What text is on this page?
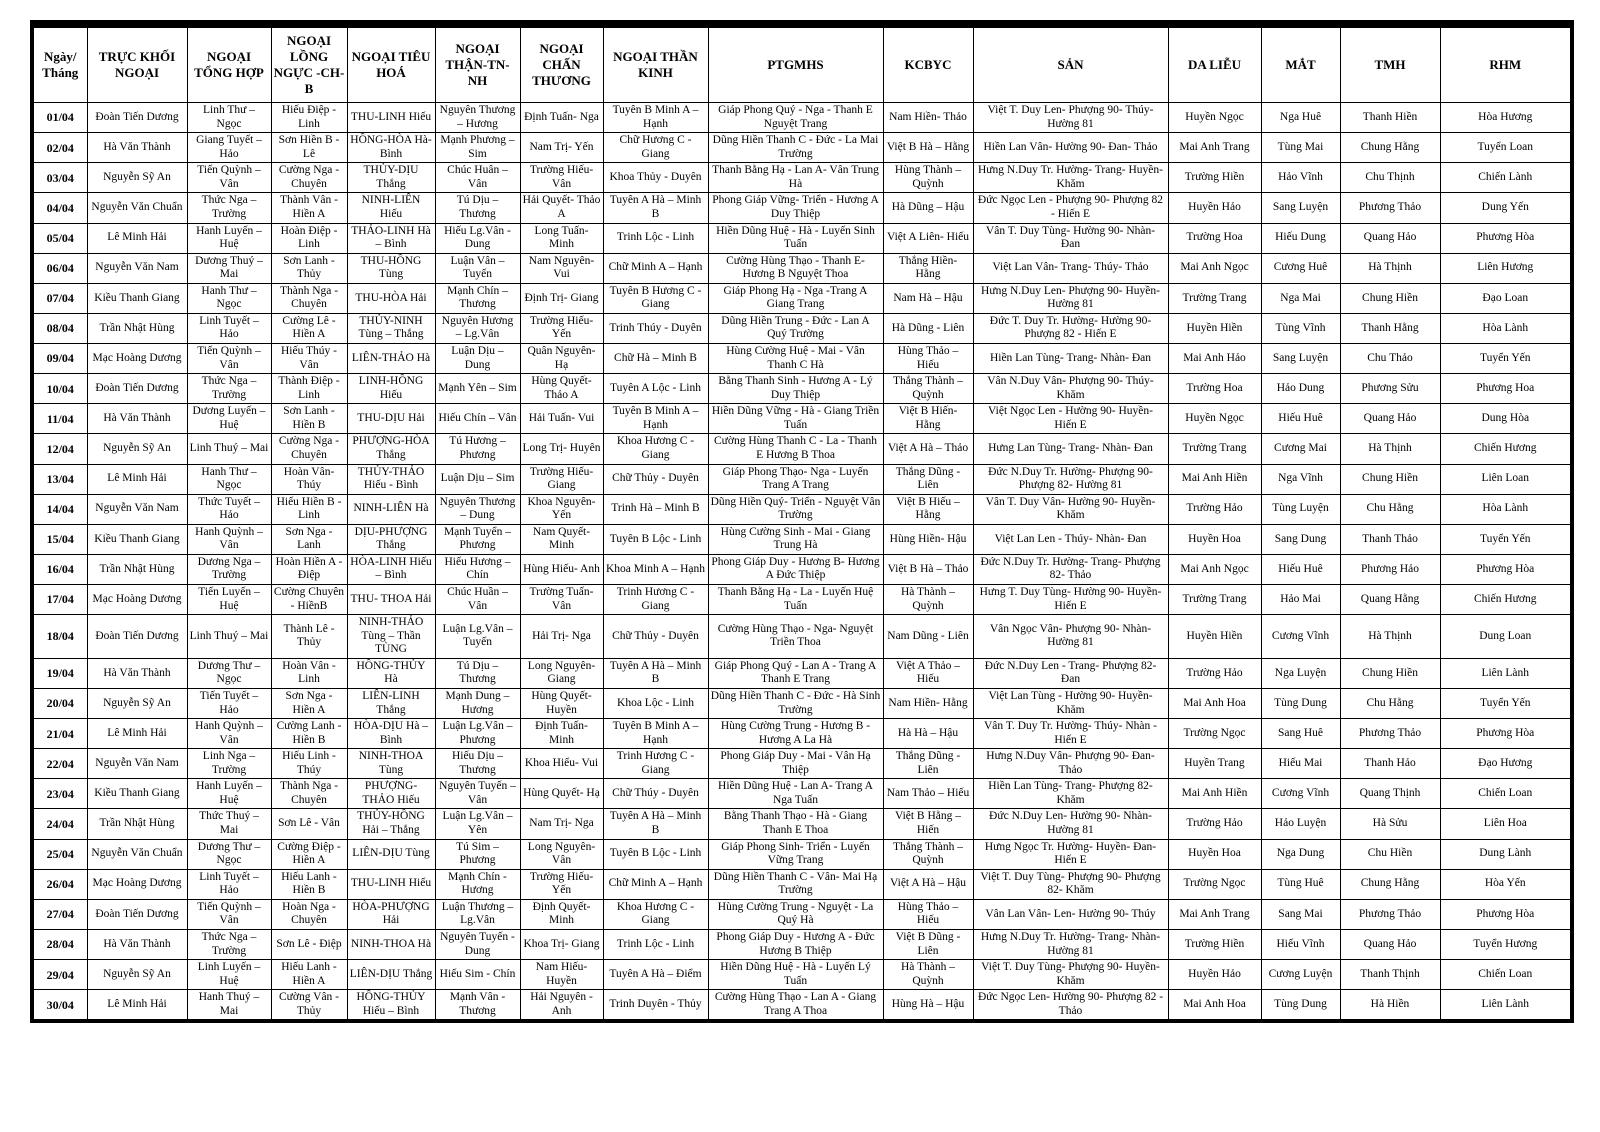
Ngày/ Tháng	TRỰC KHỐI NGOẠI	NGOẠI TỔNG HỢP	NGOẠI LỒNG NGỰC -CH-B	NGOẠI TIÊU HOÁ	NGOẠI THẬN-TN-NH	NGOẠI CHẤN THƯƠNG	NGOẠI THẦN KINH	PTGMHS	KCBYC	SẢN	DA LIỄU	MẮT	TMH	RHM
01/04	Đoàn Tiến Dương	Linh Thư – Ngọc	Hiếu Điệp - Linh	THU-LINH Hiếu	Nguyên Thương – Hương	Định Tuấn- Nga	Tuyên B Minh A – Hạnh	Giáp Phong Quý - Nga - Thanh E Nguyệt Trang	Nam Hiền- Thảo	Việt T. Duy Len- Phượng 90- Thúy- Hường 81	Huyền Ngọc	Nga Huê	Thanh Hiền	Hòa Hương
02/04	Hà Văn Thành	Giang Tuyết – Hảo	Sơn Hiền B - Lê	HỒNG-HÒA Hà- Bình	Mạnh Phương – Sim	Nam Trị- Yến	Chữ Hương C - Giang	Dũng Hiền Thanh C - Đức - La Mai Trường	Việt B Hà – Hằng	Hiền Lan Vân- Hường 90- Đan- Thảo	Mai Anh Trang	Tùng Mai	Chung Hằng	Tuyển Loan
03/04	Nguyễn Sỹ An	Tiến Quỳnh – Vân	Cường Nga - Chuyên	THỦY-DỊU Thắng	Chúc Huân – Vân	Trường Hiếu- Vân	Khoa Thủy - Duyên	Thanh Bằng Hạ - Lan A- Vân Trung Hà	Hùng Thành – Quỳnh	Hưng N.Duy Tr. Hường- Trang- Huyền- Khăm	Trường Hiền	Hảo Vĩnh	Chu Thịnh	Chiến Lành
04/04	Nguyễn Văn Chuẩn	Thức Nga – Trường	Thành Vân - Hiền A	NINH-LIÊN Hiếu	Tú Dịu – Thương	Hải Quyết- Thảo A	Tuyên A Hà – Minh B	Phong Giáp Vững- Triển - Hương A Duy Thiệp	Hà Dũng – Hậu	Đức Ngọc Len - Phượng 90- Phượng 82 - Hiến E	Huyền Hảo	Sang Luyện	Phương Thảo	Dung Yến
05/04	Lê Minh Hải	Hanh Luyến – Huệ	Hoàn Điệp - Linh	THẢO-LINH Hà – Bình	Hiếu Lg.Vân - Dung	Long Tuấn- Minh	Trinh Lộc - Linh	Hiền Dũng Huệ - Hà - Luyến Sinh Tuấn	Việt A Liên- Hiếu	Vân T. Duy Tùng- Hường 90- Nhàn- Đan	Trường Hoa	Hiếu Dung	Quang Hảo	Phương Hòa
06/04	Nguyễn Văn Nam	Dương Thuý – Mai	Sơn Lanh - Thủy	THU-HỒNG Tùng	Luận Vân – Tuyến	Nam Nguyên- Vui	Chữ Minh A – Hạnh	Cường Hùng Thạo - Thanh E- Hương B Nguyệt Thoa	Thắng Hiền- Hằng	Việt Lan Vân- Trang- Thúy- Thảo	Mai Anh Ngọc	Cương Huê	Hà Thịnh	Liên Hương
07/04	Kiều Thanh Giang	Hanh Thư – Ngọc	Thành Nga - Chuyên	THU-HÒA Hải	Mạnh Chín – Thương	Định Trị- Giang	Tuyên B Hương C - Giang	Giáp Phong Hạ - Nga -Trang A Giang Trang	Nam Hà – Hậu	Hưng N.Duy Len- Phượng 90- Huyền- Hường 81	Trường Trang	Nga Mai	Chung Hiền	Đạo Loan
08/04	Trần Nhật Hùng	Linh Tuyết – Hảo	Cường Lê - Hiền A	THỦY-NINH Tùng – Thắng	Nguyên Hương – Lg.Vân	Trường Hiếu- Yến	Trinh Thúy - Duyên	Dũng Hiền Trung - Đức - Lan A Quý Trường	Hà Dũng - Liên	Đức T. Duy Tr. Hường- Hường 90- Phượng 82 - Hiến E	Huyền Hiền	Tùng Vĩnh	Thanh Hằng	Hòa Lành
09/04	Mạc Hoàng Dương	Tiến Quỳnh – Vân	Hiếu Thúy - Vân	LIÊN-THẢO Hà	Luận Dịu – Dung	Quân Nguyên- Hạ	Chữ Hà – Minh B	Hùng Cường Huệ - Mai - Vân Thanh C Hà	Hùng Thảo – Hiếu	Hiền Lan Tùng- Trang- Nhàn- Đan	Mai Anh Hảo	Sang Luyện	Chu Thảo	Tuyển Yến
10/04	Đoàn Tiến Dương	Thức Nga – Trường	Thành Điệp - Linh	LINH-HỒNG Hiếu	Mạnh Yên – Sim	Hùng Quyết- Thảo A	Tuyên A Lộc - Linh	Bằng Thanh Sinh - Hương A - Lý Duy Thiệp	Thắng Thành – Quỳnh	Vân N.Duy Vân- Phượng 90- Thúy- Khăm	Trường Hoa	Hảo Dung	Phương Sửu	Phương Hoa
11/04	Hà Văn Thành	Dương Luyến – Huệ	Sơn Lanh - Hiền B	THU-DỊU Hải	Hiếu Chín – Vân	Hải Tuấn- Vui	Tuyên B Minh A – Hạnh	Hiền Dũng Vững - Hà - Giang Triền Tuấn	Việt B Hiến- Hằng	Việt Ngọc Len - Hường 90- Huyền- Hiến E	Huyền Ngọc	Hiếu Huê	Quang Hảo	Dung Hòa
12/04	Nguyễn Sỹ An	Linh Thuý – Mai	Cường Nga - Chuyên	PHƯỢNG-HÒA Thắng	Tú Hương – Phương	Long Trị- Huyên	Khoa Hương C - Giang	Cường Hùng Thanh C - La - Thanh E Hương B Thoa	Việt A Hà – Thảo	Hưng Lan Tùng- Trang- Nhàn- Đan	Trường Trang	Cương Mai	Hà Thịnh	Chiến Hương
13/04	Lê Minh Hải	Hanh Thư – Ngọc	Hoàn Vân- Thúy	THỦY-THẢO Hiếu - Bình	Luận Dịu – Sim	Trường Hiếu- Giang	Chữ Thủy - Duyên	Giáp Phong Thạo- Nga - Luyến Trang A Trang	Thắng Dũng - Liên	Đức N.Duy Tr. Hường- Phượng 90- Phượng 82- Hường 81	Mai Anh Hiền	Nga Vĩnh	Chung Hiền	Liên Loan
14/04	Nguyễn Văn Nam	Thức Tuyết – Hảo	Hiếu Hiền B - Linh	NINH-LIÊN Hà	Nguyên Thương – Dung	Khoa Nguyên- Yến	Trinh Hà – Minh B	Dũng Hiền Quý- Triển - Nguyệt Vân Trường	Việt B Hiếu – Hằng	Vân T. Duy Vân- Hường 90- Huyền- Khăm	Trường Hảo	Tùng Luyện	Chu Hằng	Hòa Lành
15/04	Kiều Thanh Giang	Hanh Quỳnh – Vân	Sơn Nga - Lanh	DỊU-PHƯỢNG Thắng	Mạnh Tuyển – Phương	Nam Quyết- Minh	Tuyên B Lộc - Linh	Hùng Cường Sinh - Mai - Giang Trung Hà	Hùng Hiền- Hậu	Việt Lan Len - Thúy- Nhàn- Đan	Huyền Hoa	Sang Dung	Thanh Thảo	Tuyển Yến
16/04	Trần Nhật Hùng	Dương Nga – Trường	Hoàn Hiền A - Điệp	HÒA-LINH Hiếu – Bình	Hiếu Hương – Chín	Hùng Hiếu- Anh	Khoa Minh A – Hạnh	Phong Giáp Duy - Hương B- Hương A Đức Thiệp	Việt B Hà – Thảo	Đức N.Duy Tr. Hường- Trang- Phượng 82- Thảo	Mai Anh Ngọc	Hiếu Huê	Phương Hảo	Phương Hòa
17/04	Mạc Hoàng Dương	Tiến Luyến – Huệ	Cường Chuyên - HiềnB	THU- THOA Hải	Chúc Huần – Vân	Trường Tuấn- Vân	Trinh Hương C - Giang	Thanh Bằng Hạ - La - Luyến Huệ Tuấn	Hà Thành – Quỳnh	Hưng T. Duy Tùng- Hường 90- Huyền- Hiến E	Trường Trang	Hảo Mai	Quang Hằng	Chiến Hương
18/04	Đoàn Tiến Dương	Linh Thuý – Mai	Thành Lê - Thủy	NINH-THẢO Tùng – Thần TÙNG	Luận Lg.Vân – Tuyến	Hải Trị- Nga	Chữ Thủy - Duyên	Cường Hùng Thạo - Nga- Nguyệt Triền Thoa	Nam Dũng - Liên	Vân Ngọc Vân- Phượng 90- Nhàn- Hường 81	Huyền Hiền	Cương Vĩnh	Hà Thịnh	Dung Loan
19/04	Hà Văn Thành	Dương Thư – Ngọc	Hoàn Vân - Linh	HỒNG-THỦY Hà	Tú Dịu – Thương	Long Nguyên- Giang	Tuyên A Hà – Minh B	Giáp Phong Quý - Lan A - Trang A Thanh E Trang	Việt A Thảo – Hiếu	Đức N.Duy Len - Trang- Phượng 82- Đan	Trường Hảo	Nga Luyện	Chung Hiền	Liên Lành
20/04	Nguyễn Sỹ An	Tiến Tuyết – Hảo	Sơn Nga - Hiền A	LIÊN-LINH Thắng	Mạnh Dung – Hương	Hùng Quyết- Huyền	Khoa Lộc - Linh	Dũng Hiền Thanh C - Đức - Hà Sinh Trường	Nam Hiền- Hằng	Việt Lan Tùng - Hường 90- Huyền- Khăm	Mai Anh Hoa	Tùng Dung	Chu Hằng	Tuyển Yến
21/04	Lê Minh Hải	Hanh Quỳnh – Vân	Cường Lanh - Hiền B	HÒA-DỊU Hà – Bình	Luận Lg.Vân – Phương	Định Tuấn- Minh	Tuyên B Minh A – Hạnh	Hùng Cường Trung - Hương B - Hương A La Hà	Hà Hà – Hậu	Vân T. Duy Tr. Hường- Thúy- Nhàn - Hiến E	Trường Ngọc	Sang Huê	Phương Thảo	Phương Hòa
22/04	Nguyễn Văn Nam	Linh Nga – Trường	Hiếu Linh - Thúy	NINH-THOA Tùng	Hiếu Dịu – Thương	Khoa Hiếu- Vui	Trinh Hương C - Giang	Phong Giáp Duy - Mai - Vân Hạ Thiệp	Thắng Dũng - Liên	Hưng N.Duy Vân- Phượng 90- Đan- Thảo	Huyền Trang	Hiếu Mai	Thanh Hảo	Đạo Hương
23/04	Kiều Thanh Giang	Hanh Luyến – Huệ	Thành Nga - Chuyên	PHƯỢNG- THẢO Hiếu	Nguyên Tuyến – Vân	Hùng Quyết- Hạ	Chữ Thúy - Duyên	Hiền Dũng Huệ - Lan A- Trang A Nga Tuấn	Nam Thảo – Hiếu	Hiền Lan Tùng- Trang- Phượng 82- Khăm	Mai Anh Hiền	Cương Vĩnh	Quang Thịnh	Chiến Loan
24/04	Trần Nhật Hùng	Thức Thuý – Mai	Sơn Lê - Vân	THỦY-HỒNG Hải – Thắng	Luận Lg.Vân – Yên	Nam Trị- Nga	Tuyên A Hà – Minh B	Bằng Thanh Thạo - Hà - Giang Thanh E Thoa	Việt B Hằng – Hiến	Đức N.Duy Len- Hường 90- Nhàn- Hường 81	Trường Hảo	Hảo Luyện	Hà Sửu	Liên Hoa
25/04	Nguyễn Văn Chuẩn	Dương Thư – Ngọc	Cường Điệp - Hiền A	LIÊN-DỊU Tùng	Tú Sim – Phương	Long Nguyên- Vân	Tuyên B Lộc - Linh	Giáp Phong Sinh- Triển - Luyến Vững Trang	Thắng Thành – Quỳnh	Hưng Ngọc Tr. Hường- Huyền- Đan- Hiến E	Huyền Hoa	Nga Dung	Chu Hiền	Dung Lành
26/04	Mạc Hoàng Dương	Linh Tuyết – Hảo	Hiếu Lanh - Hiền B	THU-LINH Hiếu	Mạnh Chín - Hương	Trường Hiếu- Yến	Chữ Minh A – Hạnh	Dũng Hiền Thanh C - Vân- Mai Hạ Trường	Việt A Hà – Hậu	Việt T. Duy Tùng- Phượng 90- Phượng 82- Khăm	Trường Ngọc	Tùng Huê	Chung Hằng	Hòa Yến
27/04	Đoàn Tiến Dương	Tiến Quỳnh – Vân	Hoàn Nga - Chuyên	HÒA-PHƯỢNG Hải	Luận Thương – Lg.Vân	Định Quyết- Minh	Khoa Hương C - Giang	Hùng Cường Trung - Nguyệt - La Quý Hà	Hùng Thảo – Hiếu	Vân Lan Vân- Len- Hường 90- Thúy	Mai Anh Trang	Sang Mai	Phương Thảo	Phương Hòa
28/04	Hà Văn Thành	Thức Nga – Trường	Sơn Lê - Điệp	NINH-THOA Hà	Nguyên Tuyến - Dung	Khoa Trị- Giang	Trinh Lộc - Linh	Phong Giáp Duy - Hương A - Đức Hương B Thiệp	Việt B Dũng - Liên	Hưng N.Duy Tr. Hường- Trang- Nhàn- Hường 81	Trường Hiền	Hiếu Vĩnh	Quang Hảo	Tuyển Hương
29/04	Nguyễn Sỹ An	Linh Luyến – Huệ	Hiếu Lanh - Hiền A	LIÊN-DỊU Thắng	Hiếu Sim - Chín	Nam Hiếu- Huyền	Tuyên A Hà – Điểm	Hiền Dũng Huệ - Hà - Luyến Lý Tuấn	Hà Thành – Quỳnh	Việt T. Duy Tùng- Phượng 90- Huyền- Khăm	Huyền Hảo	Cương Luyện	Thanh Thịnh	Chiến Loan
30/04	Lê Minh Hải	Hanh Thuý – Mai	Cường Vân - Thủy	HỒNG-THỦY Hiếu – Bình	Mạnh Vân - Thương	Hải Nguyên - Anh	Trinh Duyên - Thủy	Cường Hùng Thạo - Lan A - Giang Trang A Thoa	Hùng Hà – Hậu	Đức Ngọc Len- Hường 90- Phượng 82 - Thảo	Mai Anh Hoa	Tùng Dung	Hà Hiền	Liên Lành
